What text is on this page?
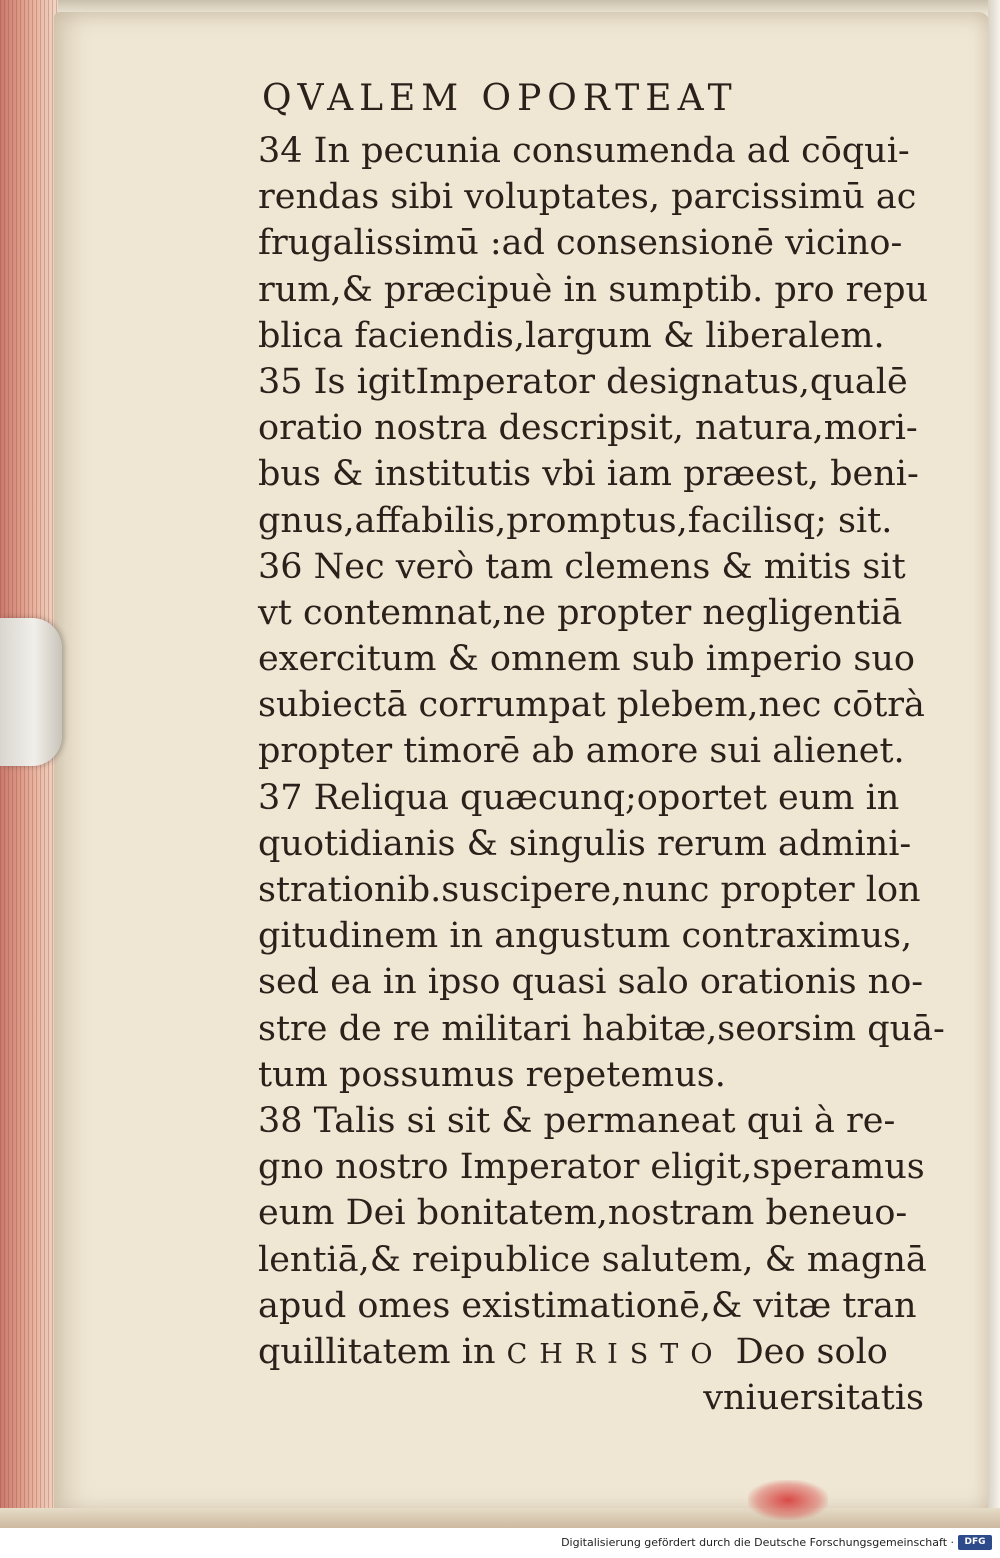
QVALEM OPORTEAT
34 In pecunia consumenda ad cōqui-
rendas sibi voluptates, parcissimū ac
frugalissimū :ad consensionē vicino-
rum,& præcipuè in sumptib. pro repu
blica faciendis,largum & liberalem.
35 Is igitImperator designatus,qualē
oratio nostra descripsit, natura,mori-
bus & institutis vbi iam præest, beni-
gnus,affabilis,promptus,facilisq; sit.
36 Nec verò tam clemens & mitis sit
vt contemnat,ne propter negligentiā
exercitum & omnem sub imperio suo
subiectā corrumpat plebem,nec cōtrà
propter timorē ab amore sui alienet.
37 Reliqua quæcunq;oportet eum in
quotidianis & singulis rerum admini-
strationib.suscipere,nunc propter lon
gitudinem in angustum contraximus,
sed ea in ipso quasi salo orationis no-
stre de re militari habitæ,seorsim quā-
tum possumus repetemus.
38 Talis si sit & permaneat qui à re-
gno nostro Imperator eligit,speramus
eum Dei bonitatem,nostram beneuo-
lentiā,& reipublice salutem, & magnā
apud omes existimationē,& vitæ tran
quillitatem in CHRISTO Deo solo
vniuersitatis
Digitalisierung gefördert durch die Deutsche Forschungsgemeinschaft ·	DFG
